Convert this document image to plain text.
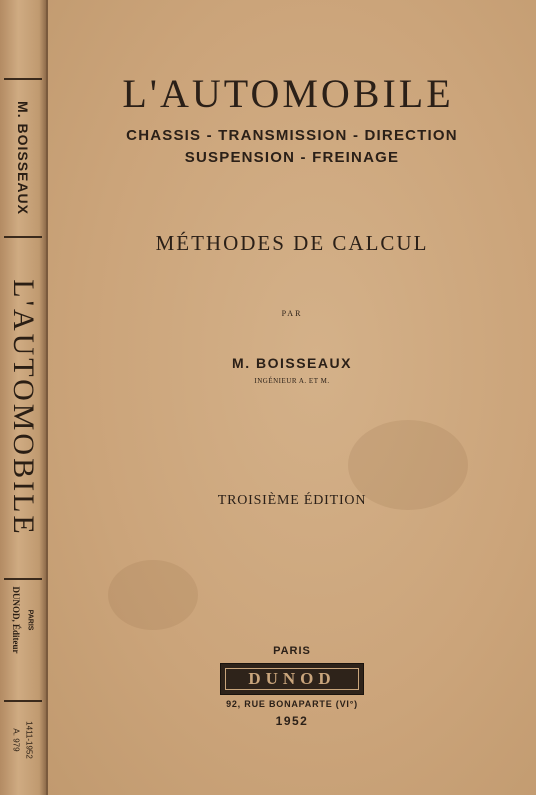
M. BOISSEAUX
L'AUTOMOBILE
DUNOD, Éditeur PARIS
A. 979 1411-1952
L'AUTOMOBILE
CHASSIS - TRANSMISSION - DIRECTION
SUSPENSION - FREINAGE
MÉTHODES DE CALCUL
PAR
M. BOISSEAUX
INGÉNIEUR A. ET M.
TROISIÈME ÉDITION
PARIS
DUNOD
92, RUE BONAPARTE (VI°)
1952
